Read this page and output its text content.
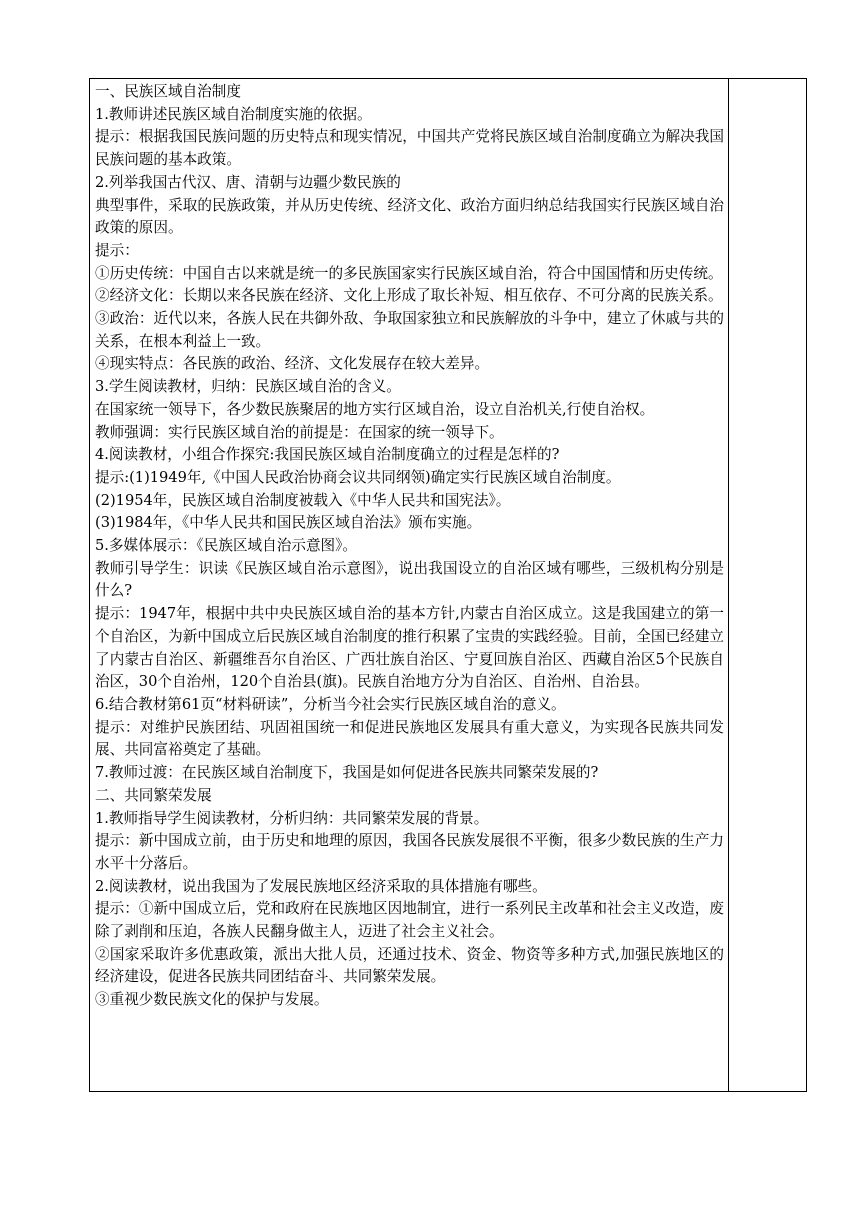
一、民族区域自治制度
1.教师讲述民族区域自治制度实施的依据。
提示：根据我国民族问题的历史特点和现实情况，中国共产党将民族区域自治制度确立为解决我国民族问题的基本政策。
2.列举我国古代汉、唐、清朝与边疆少数民族的
典型事件，采取的民族政策，并从历史传统、经济文化、政治方面归纳总结我国实行民族区域自治政策的原因。
提示：
①历史传统：中国自古以来就是统一的多民族国家实行民族区域自治，符合中国国情和历史传统。
②经济文化：长期以来各民族在经济、文化上形成了取长补短、相互依存、不可分离的民族关系。
③政治：近代以来，各族人民在共御外敌、争取国家独立和民族解放的斗争中，建立了休戚与共的关系，在根本利益上一致。
④现实特点：各民族的政治、经济、文化发展存在较大差异。
3.学生阅读教材，归纳：民族区域自治的含义。
在国家统一领导下，各少数民族聚居的地方实行区域自治，设立自治机关,行使自治权。
教师强调：实行民族区域自治的前提是：在国家的统一领导下。
4.阅读教材，小组合作探究:我国民族区域自治制度确立的过程是怎样的?
提示:(1)1949年,《中国人民政治协商会议共同纲领)确定实行民族区域自治制度。
(2)1954年，民族区域自治制度被载入《中华人民共和国宪法》。
(3)1984年，《中华人民共和国民族区域自治法》颁布实施。
5.多媒体展示：《民族区域自治示意图》。
教师引导学生：识读《民族区域自治示意图》，说出我国设立的自治区域有哪些，三级机构分别是什么?
提示：1947年，根据中共中央民族区域自治的基本方针,内蒙古自治区成立。这是我国建立的第一个自治区，为新中国成立后民族区域自治制度的推行积累了宝贵的实践经验。目前，全国已经建立了内蒙古自治区、新疆维吾尔自治区、广西壮族自治区、宁夏回族自治区、西藏自治区5个民族自治区，30个自治州，120个自治县(旗)。民族自治地方分为自治区、自治州、自治县。
6.结合教材第61页“材料研读”，分析当今社会实行民族区域自治的意义。
提示：对维护民族团结、巩固祖国统一和促进民族地区发展具有重大意义，为实现各民族共同发展、共同富裕奠定了基础。
7.教师过渡：在民族区域自治制度下，我国是如何促进各民族共同繁荣发展的?
二、共同繁荣发展
1.教师指导学生阅读教材，分析归纳：共同繁荣发展的背景。
提示：新中国成立前，由于历史和地理的原因，我国各民族发展很不平衡，很多少数民族的生产力水平十分落后。
2.阅读教材，说出我国为了发展民族地区经济采取的具体措施有哪些。
提示：①新中国成立后，党和政府在民族地区因地制宜，进行一系列民主改革和社会主义改造，废除了剥削和压迫，各族人民翻身做主人，迈进了社会主义社会。
②国家采取许多优惠政策，派出大批人员，还通过技术、资金、物资等多种方式,加强民族地区的经济建设，促进各民族共同团结奋斗、共同繁荣发展。
③重视少数民族文化的保护与发展。
